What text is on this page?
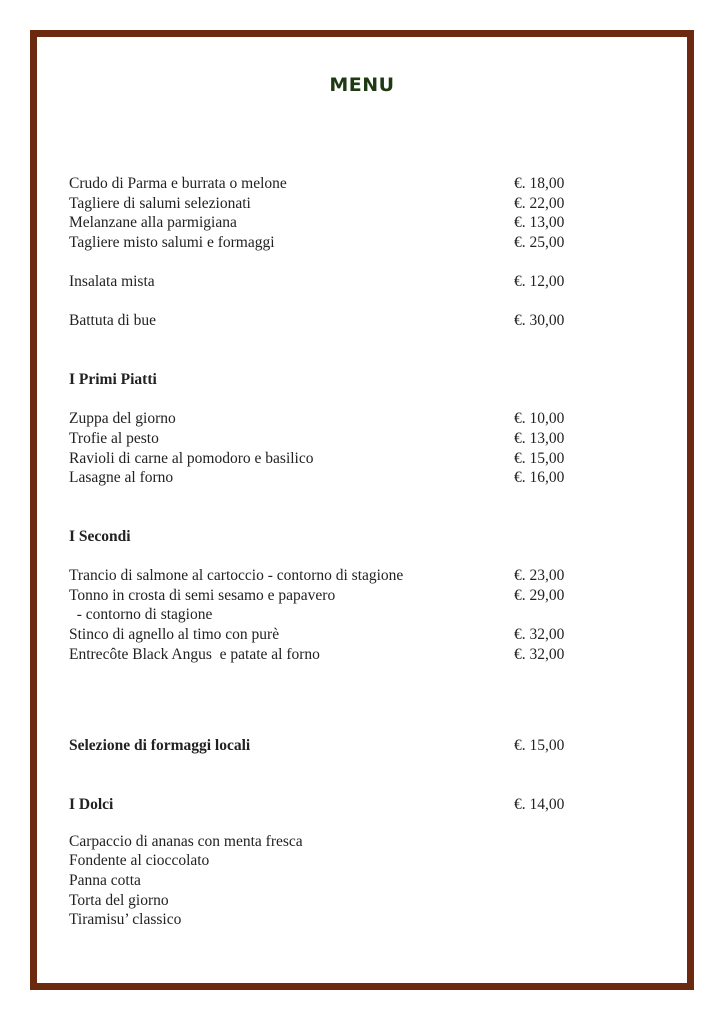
MENU
Crudo di Parma e burrata o melone	€. 18,00
Tagliere di salumi selezionati	€. 22,00
Melanzane alla parmigiana	€. 13,00
Tagliere misto salumi e formaggi	€. 25,00
Insalata mista	€. 12,00
Battuta di bue	€. 30,00
I Primi Piatti
Zuppa del giorno	€. 10,00
Trofie al pesto	€. 13,00
Ravioli di carne al pomodoro e basilico	€. 15,00
Lasagne al forno	€. 16,00
I Secondi
Trancio di salmone al cartoccio - contorno di stagione	€. 23,00
Tonno in crosta di semi sesamo e papavero	€. 29,00
- contorno di stagione
Stinco di agnello al timo con purè	€. 32,00
Entrecôte Black Angus  e patate al forno	€. 32,00
Selezione di formaggi locali	€. 15,00
I Dolci	€. 14,00
Carpaccio di ananas con menta fresca
Fondente al cioccolato
Panna cotta
Torta del giorno
Tiramisu’ classico
